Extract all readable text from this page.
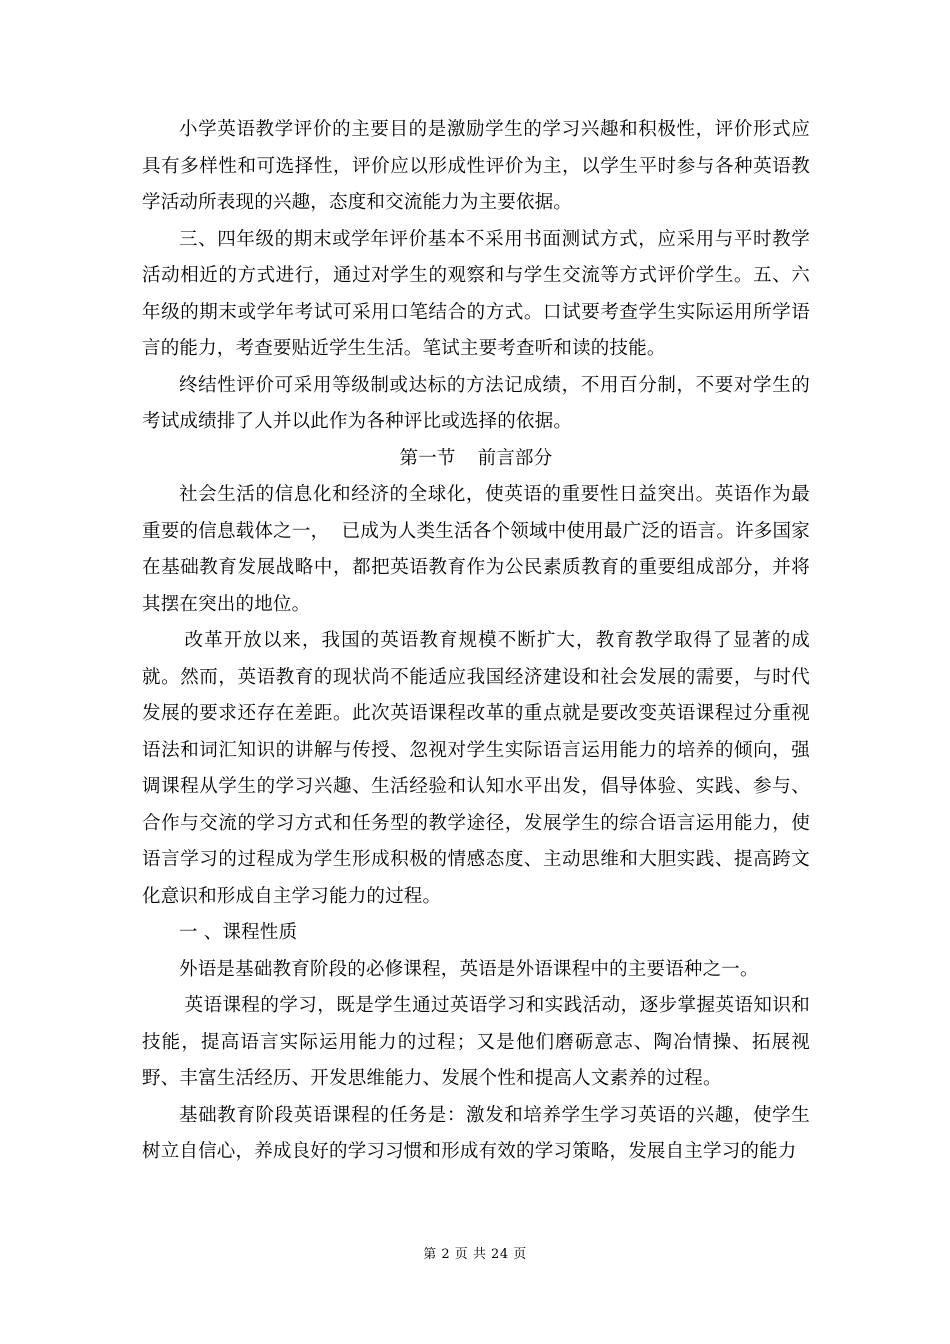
小学英语教学评价的主要目的是激励学生的学习兴趣和积极性，评价形式应具有多样性和可选择性，评价应以形成性评价为主，以学生平时参与各种英语教学活动所表现的兴趣，态度和交流能力为主要依据。

三、四年级的期末或学年评价基本不采用书面测试方式，应采用与平时教学活动相近的方式进行，通过对学生的观察和与学生交流等方式评价学生。五、六年级的期末或学年考试可采用口笔结合的方式。口试要考查学生实际运用所学语言的能力，考查要贴近学生生活。笔试主要考查听和读的技能。

终结性评价可采用等级制或达标的方法记成绩，不用百分制，不要对学生的考试成绩排了人并以此作为各种评比或选择的依据。

第一节 前言部分

社会生活的信息化和经济的全球化，使英语的重要性日益突出。英语作为最重要的信息载体之一，  已成为人类生活各个领域中使用最广泛的语言。许多国家在基础教育发展战略中，都把英语教育作为公民素质教育的重要组成部分，并将其摆在突出的地位。

改革开放以来，我国的英语教育规模不断扩大，教育教学取得了显著的成就。然而，英语教育的现状尚不能适应我国经济建设和社会发展的需要，与时代发展的要求还存在差距。此次英语课程改革的重点就是要改变英语课程过分重视语法和词汇知识的讲解与传授、忽视对学生实际语言运用能力的培养的倾向，强调课程从学生的学习兴趣、生活经验和认知水平出发，倡导体验、实践、参与、合作与交流的学习方式和任务型的教学途径，发展学生的综合语言运用能力，使语言学习的过程成为学生形成积极的情感态度、主动思维和大胆实践、提高跨文化意识和形成自主学习能力的过程。

一 、课程性质

外语是基础教育阶段的必修课程，英语是外语课程中的主要语种之一。

英语课程的学习，既是学生通过英语学习和实践活动，逐步掌握英语知识和技能，提高语言实际运用能力的过程；又是他们磨砺意志、陶冶情操、拓展视野、丰富生活经历、开发思维能力、发展个性和提高人文素养的过程。

基础教育阶段英语课程的任务是：激发和培养学生学习英语的兴趣，使学生树立自信心，养成良好的学习习惯和形成有效的学习策略，发展自主学习的能力

第 2 页 共 24 页
